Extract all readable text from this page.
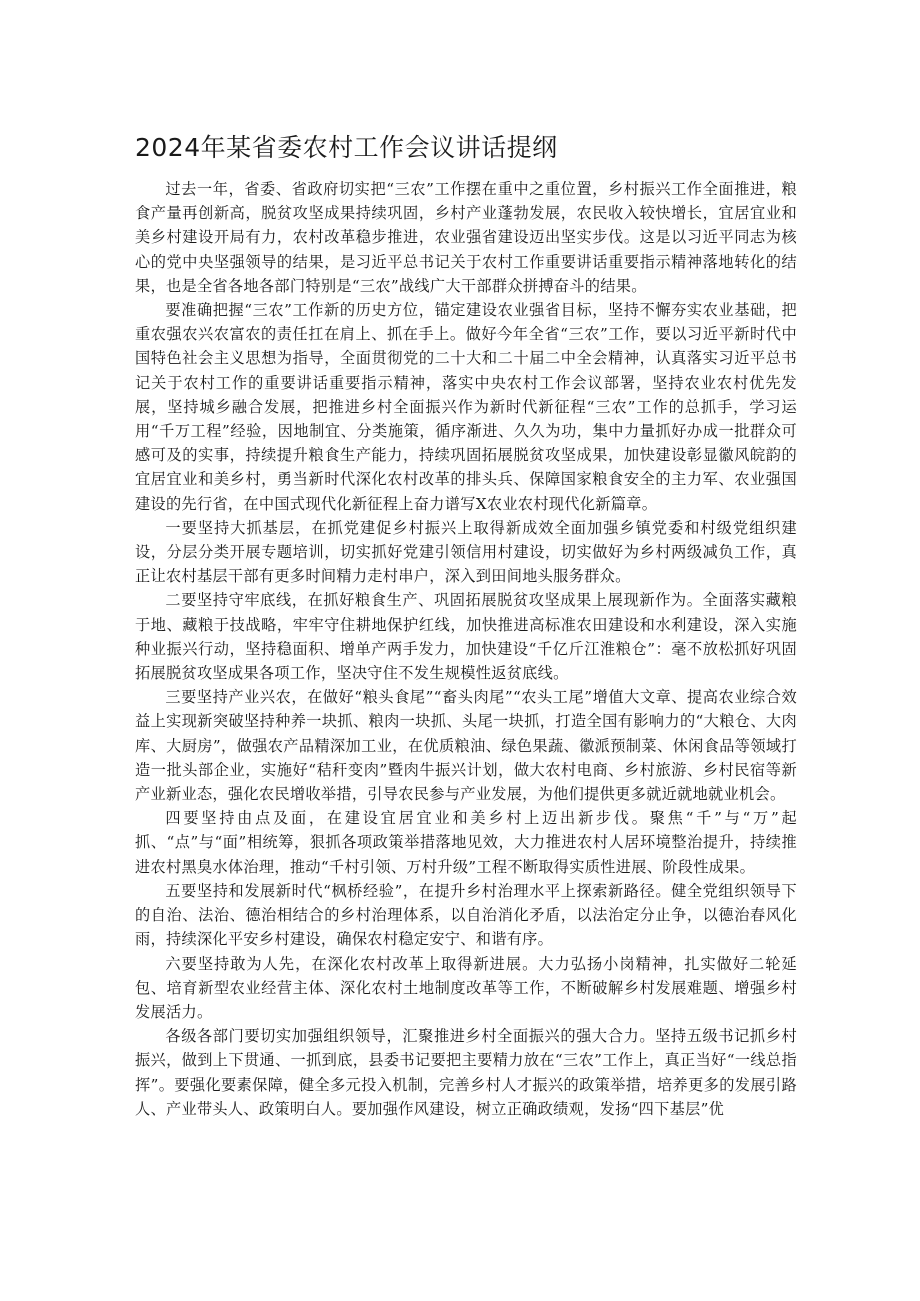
2024年某省委农村工作会议讲话提纲

过去一年，省委、省政府切实把“三农”工作摆在重中之重位置，乡村振兴工作全面推进，粮食产量再创新高，脱贫攻坚成果持续巩固，乡村产业蓬勃发展，农民收入较快增长，宜居宜业和美乡村建设开局有力，农村改革稳步推进，农业强省建设迈出坚实步伐。这是以习近平同志为核心的党中央坚强领导的结果，是习近平总书记关于农村工作重要讲话重要指示精神落地转化的结果，也是全省各地各部门特别是“三农”战线广大干部群众拼搏奋斗的结果。

要准确把握“三农”工作新的历史方位，锚定建设农业强省目标，坚持不懈夯实农业基础，把重农强农兴农富农的责任扛在肩上、抓在手上。做好今年全省“三农”工作，要以习近平新时代中国特色社会主义思想为指导，全面贯彻党的二十大和二十届二中全会精神，认真落实习近平总书记关于农村工作的重要讲话重要指示精神，落实中央农村工作会议部署，坚持农业农村优先发展，坚持城乡融合发展，把推进乡村全面振兴作为新时代新征程“三农”工作的总抓手，学习运用“千万工程”经验，因地制宜、分类施策，循序渐进、久久为功，集中力量抓好办成一批群众可感可及的实事，持续提升粮食生产能力，持续巩固拓展脱贫攻坚成果，加快建设彰显徽风皖韵的宜居宜业和美乡村，勇当新时代深化农村改革的排头兵、保障国家粮食安全的主力军、农业强国建设的先行省，在中国式现代化新征程上奋力谱写X农业农村现代化新篇章。

一要坚持大抓基层，在抓党建促乡村振兴上取得新成效全面加强乡镇党委和村级党组织建设，分层分类开展专题培训，切实抓好党建引领信用村建设，切实做好为乡村两级减负工作，真正让农村基层干部有更多时间精力走村串户，深入到田间地头服务群众。

二要坚持守牢底线，在抓好粮食生产、巩固拓展脱贫攻坚成果上展现新作为。全面落实藏粮于地、藏粮于技战略，牢牢守住耕地保护红线，加快推进高标准农田建设和水利建设，深入实施种业振兴行动，坚持稳面积、增单产两手发力，加快建设“千亿斤江淮粮仓”：毫不放松抓好巩固拓展脱贫攻坚成果各项工作，坚决守住不发生规模性返贫底线。

三要坚持产业兴农，在做好“粮头食尾”“畜头肉尾”“农头工尾”增值大文章、提高农业综合效益上实现新突破坚持种养一块抓、粮肉一块抓、头尾一块抓，打造全国有影响力的“大粮仓、大肉库、大厨房”，做强农产品精深加工业，在优质粮油、绿色果蔬、徽派预制菜、休闲食品等领域打造一批头部企业，实施好“秸秆变肉”暨肉牛振兴计划，做大农村电商、乡村旅游、乡村民宿等新产业新业态，强化农民增收举措，引导农民参与产业发展，为他们提供更多就近就地就业机会。

四要坚持由点及面，在建设宜居宜业和美乡村上迈出新步伐。聚焦“千”与“万”起抓、“点”与“面”相统筹，狠抓各项政策举措落地见效，大力推进农村人居环境整治提升，持续推进农村黑臭水体治理，推动“千村引领、万村升级”工程不断取得实质性进展、阶段性成果。

五要坚持和发展新时代“枫桥经验”，在提升乡村治理水平上探索新路径。健全党组织领导下的自治、法治、德治相结合的乡村治理体系，以自治消化矛盾，以法治定分止争，以德治春风化雨，持续深化平安乡村建设，确保农村稳定安宁、和谐有序。

六要坚持敢为人先，在深化农村改革上取得新进展。大力弘扬小岗精神，扎实做好二轮延包、培育新型农业经营主体、深化农村土地制度改革等工作，不断破解乡村发展难题、增强乡村发展活力。

各级各部门要切实加强组织领导，汇聚推进乡村全面振兴的强大合力。坚持五级书记抓乡村振兴，做到上下贯通、一抓到底，县委书记要把主要精力放在“三农”工作上，真正当好“一线总指挥”。要强化要素保障，健全多元投入机制，完善乡村人才振兴的政策举措，培养更多的发展引路人、产业带头人、政策明白人。要加强作风建设，树立正确政绩观，发扬“四下基层”优
